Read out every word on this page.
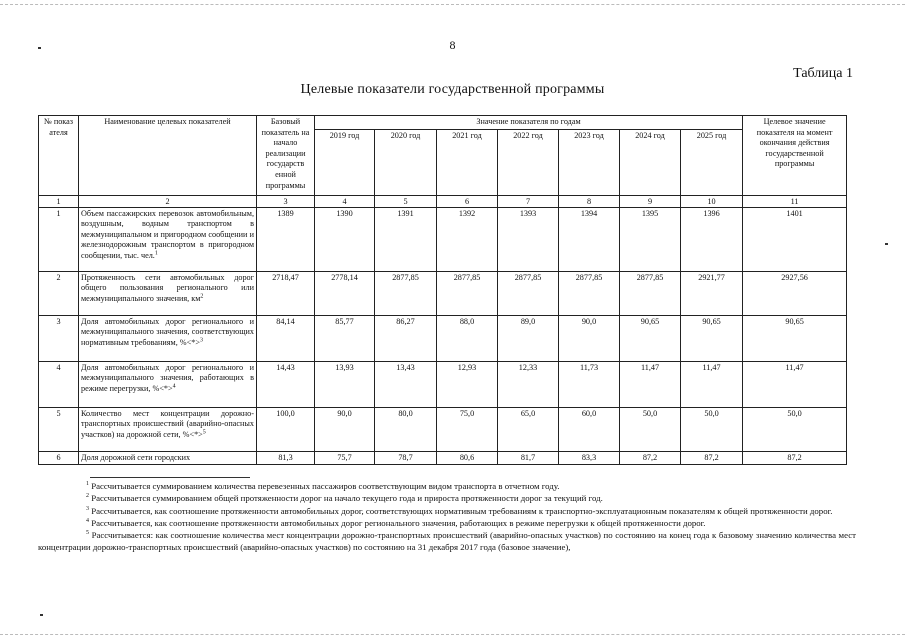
8
Таблица 1
Целевые показатели государственной программы
№ показ ателя	Наименование целевых показателей	Базовый показатель на начало реализации государств енной программы	Значение показателя по годам							Целевое значение показателя на момент окончания действия государственной программы
			2019 год	2020 год	2021 год	2022 год	2023 год	2024 год	2025 год	
1	2	3	4	5	6	7	8	9	10	11
1	Объем пассажирских перевозок автомобильным, воздушным, водным транспортом в межмуниципальном и пригородном сообщении и железнодорожным транспортом в пригородном сообщении, тыс. чел.$^1$	1389	1390	1391	1392	1393	1394	1395	1396	1401
2	Протяженность сети автомобильных дорог общего пользования регионального или межмуниципального значения, $км^2$	2718,47	2778,14	2877,85	2877,85	2877,85	2877,85	2877,85	2921,77	2927,56
3	Доля автомобильных дорог регионального и межмуниципального значения, соответствующих нормативным требованиям, %<*>$^3$	84,14	85,77	86,27	88,0	89,0	90,0	90,65	90,65	90,65
4	Доля автомобильных дорог регионального и межмуниципального значения, работающих в режиме перегрузки, %<*>$^4$	14,43	13,93	13,43	12,93	12,33	11,73	11,47	11,47	11,47
5	Количество мест концентрации дорожно-транспортных происшествий (аварийно-опасных участков) на дорожной сети, %<*>$^5$	100,0	90,0	80,0	75,0	65,0	60,0	50,0	50,0	50,0
6	Доля дорожной сети городских	81,3	75,7	78,7	80,6	81,7	83,3	87,2	87,2	87,2
$^1$ Рассчитывается суммированием количества перевезенных пассажиров соответствующим видом транспорта в отчетном году.
$^2$ Рассчитывается суммированием общей протяженности дорог на начало текущего года и прироста протяженности дорог за текущий год.
$^3$ Рассчитывается, как соотношение протяженности автомобильных дорог, соответствующих нормативным требованиям к транспортно-эксплуатационным показателям к общей протяженности дорог.
$^4$ Рассчитывается, как соотношение протяженности автомобильных дорог регионального значения, работающих в режиме перегрузки к общей протяженности дорог.
$^5$ Рассчитывается: как соотношение количества мест концентрации дорожно-транспортных происшествий (аварийно-опасных участков) по состоянию на конец года к базовому значению количества мест концентрации дорожно-транспортных происшествий (аварийно-опасных участков) по состоянию на 31 декабря 2017 года (базовое значение),
